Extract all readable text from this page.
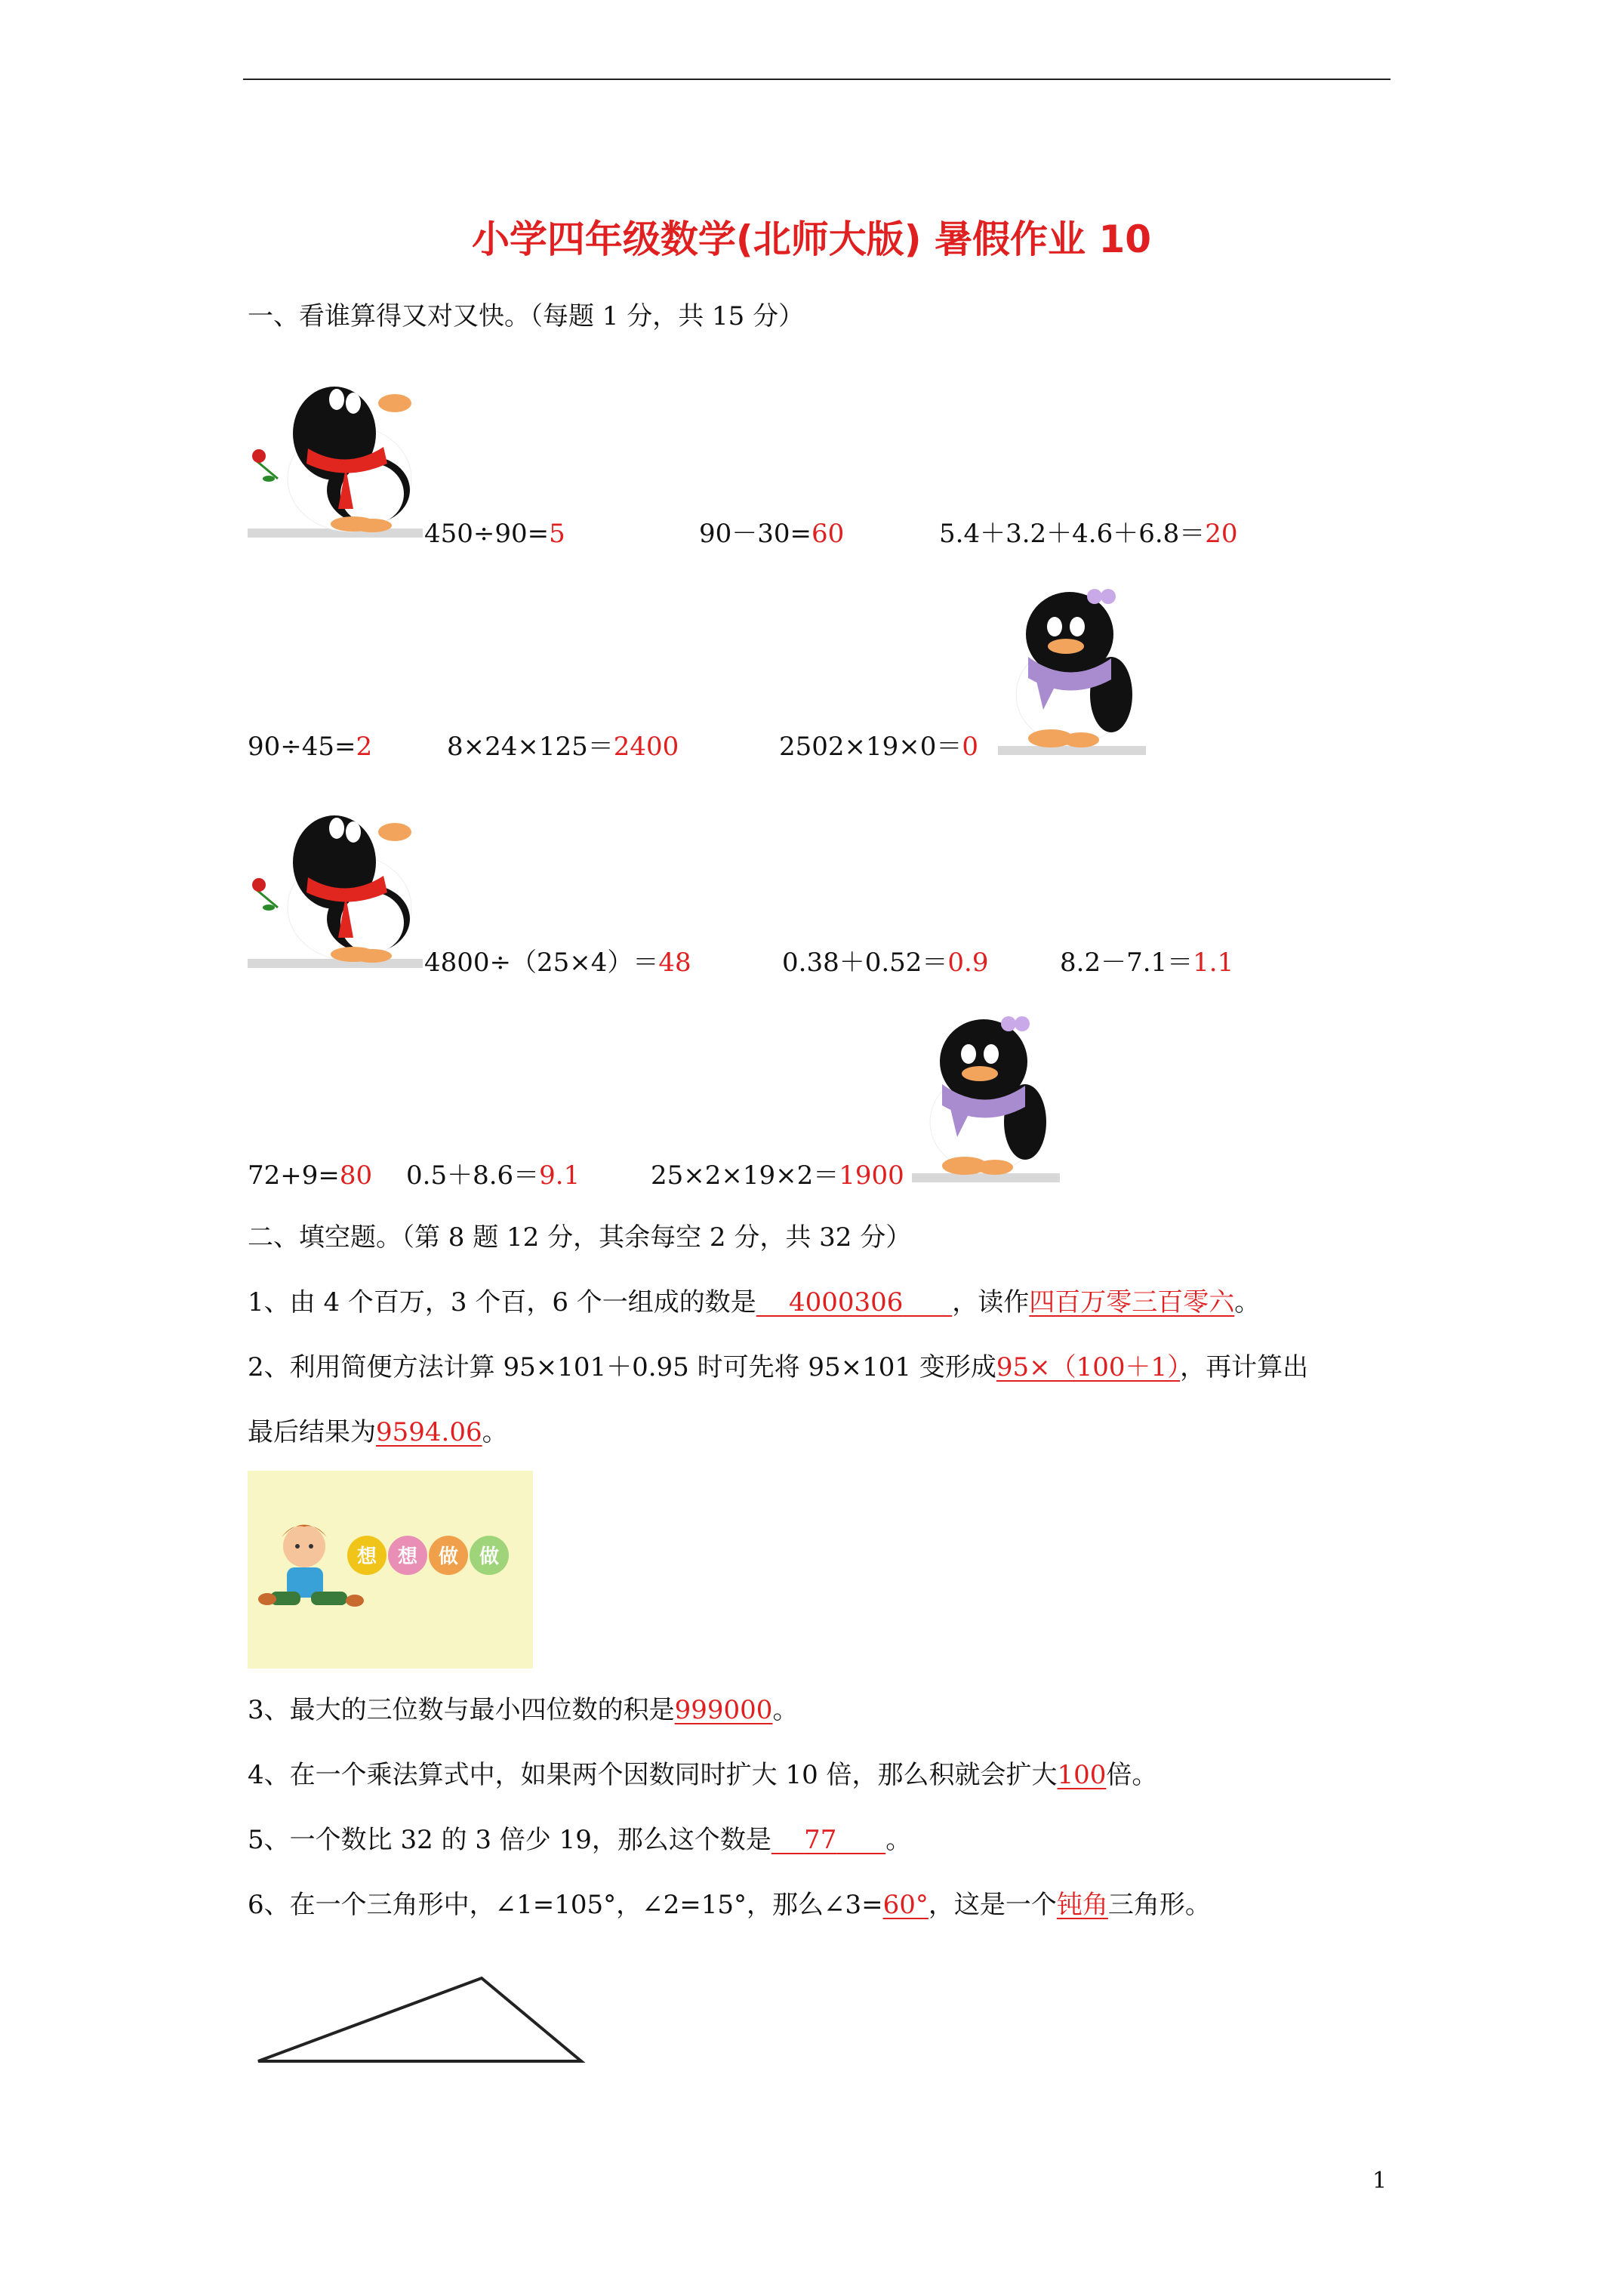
小学四年级数学(北师大版) 暑假作业 10
一、看谁算得又对又快。（每题 1 分，共 15 分）
450÷90=5	90－30=60	5.4＋3.2＋4.6＋6.8＝20
90÷45=2	8×24×125＝2400	2502×19×0＝0
4800÷（25×4）＝48	0.38＋0.52＝0.9	8.2－7.1＝1.1
72+9=80 0.5＋8.6＝9.1	25×2×19×2＝1900
二、填空题。（第 8 题 12 分，其余每空 2 分，共 32 分）
1、由 4 个百万，3 个百，6 个一组成的数是 4000306 ，读作四百万零三百零六。
2、利用简便方法计算 95×101＋0.95 时可先将 95×101 变形成95×（100＋1），再计算出
最后结果为9594.06。
想 想 做 做
3、最大的三位数与最小四位数的积是999000。
4、在一个乘法算式中，如果两个因数同时扩大 10 倍，那么积就会扩大100倍。
5、一个数比 32 的 3 倍少 19，那么这个数是 77 。
6、在一个三角形中，∠1=105°，∠2=15°，那么∠3=60°，这是一个钝角三角形。
1
